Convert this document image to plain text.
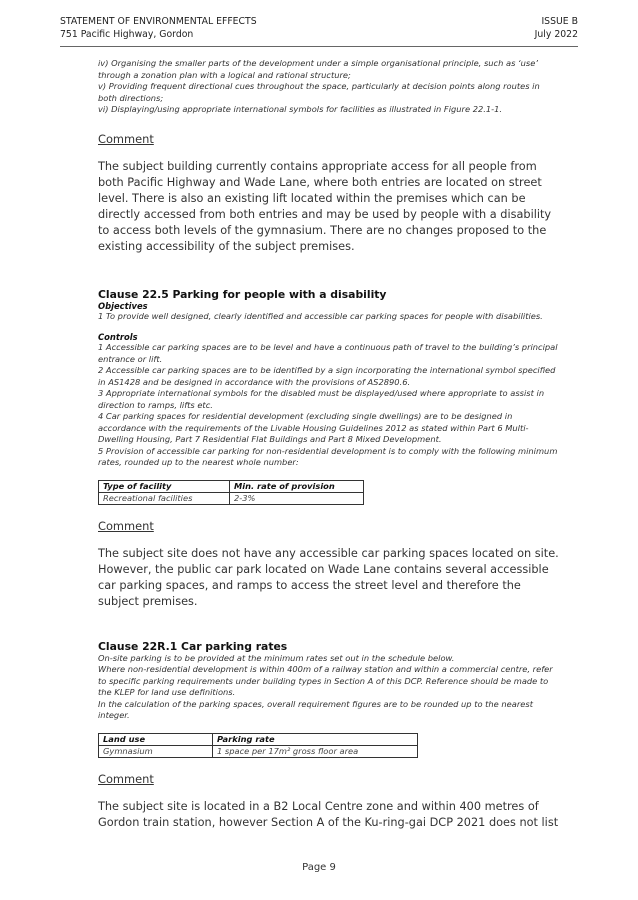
STATEMENT OF ENVIRONMENTAL EFFECTS
751 Pacific Highway, Gordon
ISSUE B
July 2022

iv) Organising the smaller parts of the development under a simple organisational principle, such as ‘use’ through a zonation plan with a logical and rational structure;

v) Providing frequent directional cues throughout the space, particularly at decision points along routes in both directions;

vi) Displaying/using appropriate international symbols for facilities as illustrated in Figure 22.1-1.

Comment

The subject building currently contains appropriate access for all people from both Pacific Highway and Wade Lane, where both entries are located on street level. There is also an existing lift located within the premises which can be directly accessed from both entries and may be used by people with a disability to access both levels of the gymnasium. There are no changes proposed to the existing accessibility of the subject premises.

Clause 22.5 Parking for people with a disability

Objectives

1 To provide well designed, clearly identified and accessible car parking spaces for people with disabilities.

Controls

1 Accessible car parking spaces are to be level and have a continuous path of travel to the building’s principal entrance or lift.

2 Accessible car parking spaces are to be identified by a sign incorporating the international symbol specified in AS1428 and be designed in accordance with the provisions of AS2890.6.

3 Appropriate international symbols for the disabled must be displayed/used where appropriate to assist in direction to ramps, lifts etc.

4 Car parking spaces for residential development (excluding single dwellings) are to be designed in accordance with the requirements of the Livable Housing Guidelines 2012 as stated within Part 6 Multi-Dwelling Housing, Part 7 Residential Flat Buildings and Part 8 Mixed Development.

5 Provision of accessible car parking for non-residential development is to comply with the following minimum rates, rounded up to the nearest whole number:

Type of facility	Min. rate of provision
Recreational facilities	2-3%
Comment

The subject site does not have any accessible car parking spaces located on site. However, the public car park located on Wade Lane contains several accessible car parking spaces, and ramps to access the street level and therefore the subject premises.

Clause 22R.1 Car parking rates

On-site parking is to be provided at the minimum rates set out in the schedule below.

Where non-residential development is within 400m of a railway station and within a commercial centre, refer to specific parking requirements under building types in Section A of this DCP. Reference should be made to the KLEP for land use definitions.

In the calculation of the parking spaces, overall requirement figures are to be rounded up to the nearest integer.

Land use	Parking rate
Gymnasium	1 space per 17m² gross floor area
Comment

The subject site is located in a B2 Local Centre zone and within 400 metres of Gordon train station, however Section A of the Ku-ring-gai DCP 2021 does not list

Page 9
